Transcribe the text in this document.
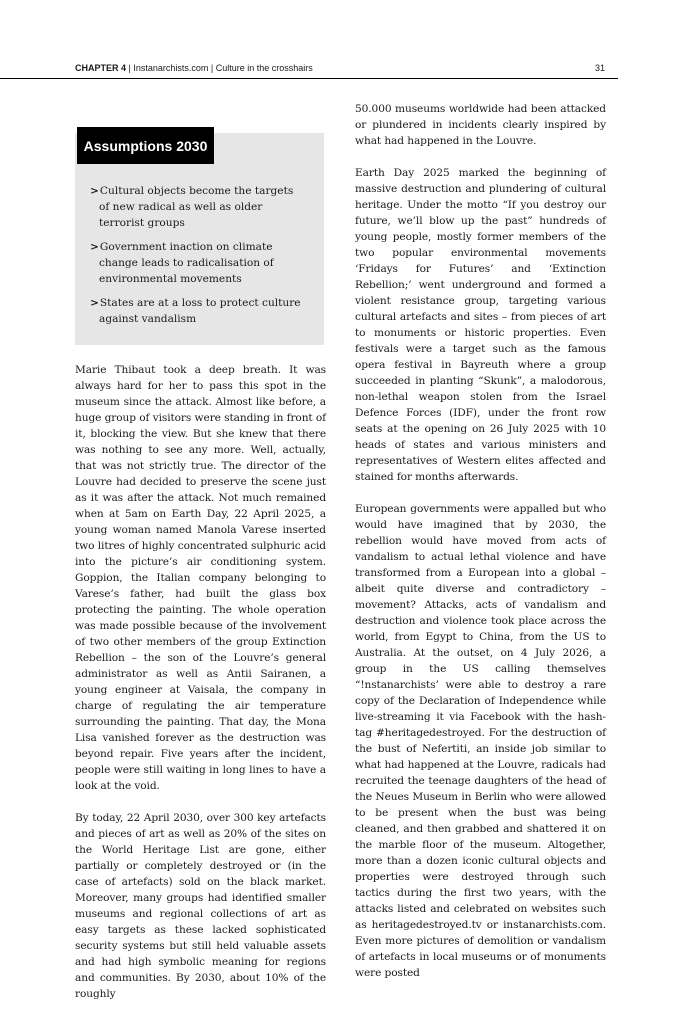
CHAPTER 4 | Instanarchists.com | Culture in the crosshairs	31
Assumptions 2030
>Cultural objects become the targets of new radical as well as older terrorist groups
>Government inaction on climate change leads to radicalisation of environmental movements
>States are at a loss to protect culture against vandalism

Marie Thibaut took a deep breath. It was always hard for her to pass this spot in the museum since the attack. Almost like before, a huge group of visitors were standing in front of it, blocking the view. But she knew that there was nothing to see any more. Well, actually, that was not strictly true. The director of the Louvre had decided to preserve the scene just as it was after the attack. Not much remained when at 5am on Earth Day, 22 April 2025, a young woman named Manola Varese inserted two litres of highly concentrated sulphuric acid into the picture’s air conditioning system. Goppion, the Italian company belonging to Varese’s father, had built the glass box protecting the painting. The whole operation was made possible because of the involvement of two other members of the group Extinction Rebellion – the son of the Louvre’s general administrator as well as Antii Sairanen, a young engineer at Vaisala, the company in charge of regulating the air temperature surrounding the painting. That day, the Mona Lisa vanished forever as the destruction was beyond repair. Five years after the incident, people were still waiting in long lines to have a look at the void.

By today, 22 April 2030, over 300 key artefacts and pieces of art as well as 20% of the sites on the World Heritage List are gone, either partially or completely destroyed or (in the case of artefacts) sold on the black market. Moreover, many groups had identified smaller museums and regional collections of art as easy targets as these lacked sophisticated security systems but still held valuable assets and had high symbolic meaning for regions and communities. By 2030, about 10% of the roughly

50.000 museums worldwide had been attacked or plundered in incidents clearly inspired by what had happened in the Louvre.

Earth Day 2025 marked the beginning of massive destruction and plundering of cultural heritage. Under the motto “If you destroy our future, we’ll blow up the past” hundreds of young people, mostly former members of the two popular environmental movements ‘Fridays for Futures’ and ‘Extinction Rebellion;’ went underground and formed a violent resistance group, targeting various cultural artefacts and sites – from pieces of art to monuments or historic properties. Even festivals were a target such as the famous opera festival in Bayreuth where a group succeeded in planting “Skunk”, a malodorous, non-lethal weapon stolen from the Israel Defence Forces (IDF), under the front row seats at the opening on 26 July 2025 with 10 heads of states and various ministers and representatives of Western elites affected and stained for months afterwards.

European governments were appalled but who would have imagined that by 2030, the rebellion would have moved from acts of vandalism to actual lethal violence and have transformed from a European into a global – albeit quite diverse and contradictory – movement? Attacks, acts of vandalism and destruction and violence took place across the world, from Egypt to China, from the US to Australia. At the outset, on 4 July 2026, a group in the US calling themselves “!nstanarchists’ were able to destroy a rare copy of the Declaration of Independence while live-streaming it via Facebook with the hash-tag #heritagedestroyed. For the destruction of the bust of Nefertiti, an inside job similar to what had happened at the Louvre, radicals had recruited the teenage daughters of the head of the Neues Museum in Berlin who were allowed to be present when the bust was being cleaned, and then grabbed and shattered it on the marble floor of the museum. Altogether, more than a dozen iconic cultural objects and properties were destroyed through such tactics during the first two years, with the attacks listed and celebrated on websites such as heritagedestroyed.tv or instanarchists.com. Even more pictures of demolition or vandalism of artefacts in local museums or of monuments were posted
